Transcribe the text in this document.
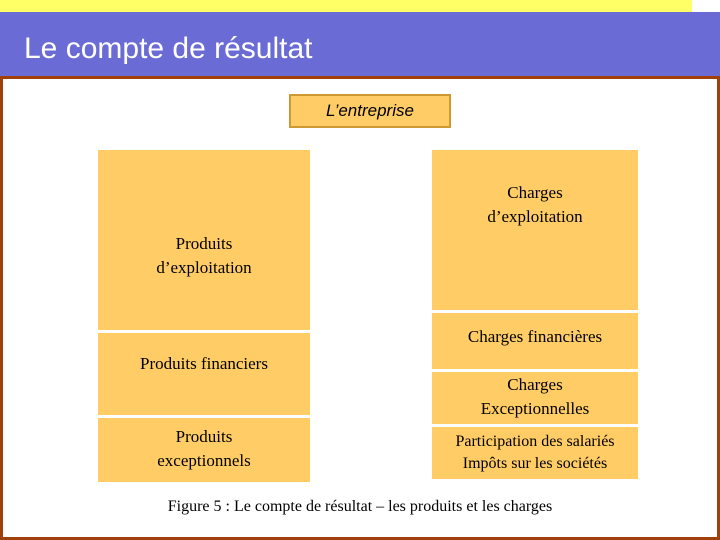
Le compte de résultat
L’entreprise
Produits
d’exploitation
Produits financiers
Produits
exceptionnels
Charges
d’exploitation
Charges financières
Charges
Exceptionnelles
Participation des salariés
Impôts sur les sociétés
Figure 5 : Le compte de résultat – les produits et les charges
